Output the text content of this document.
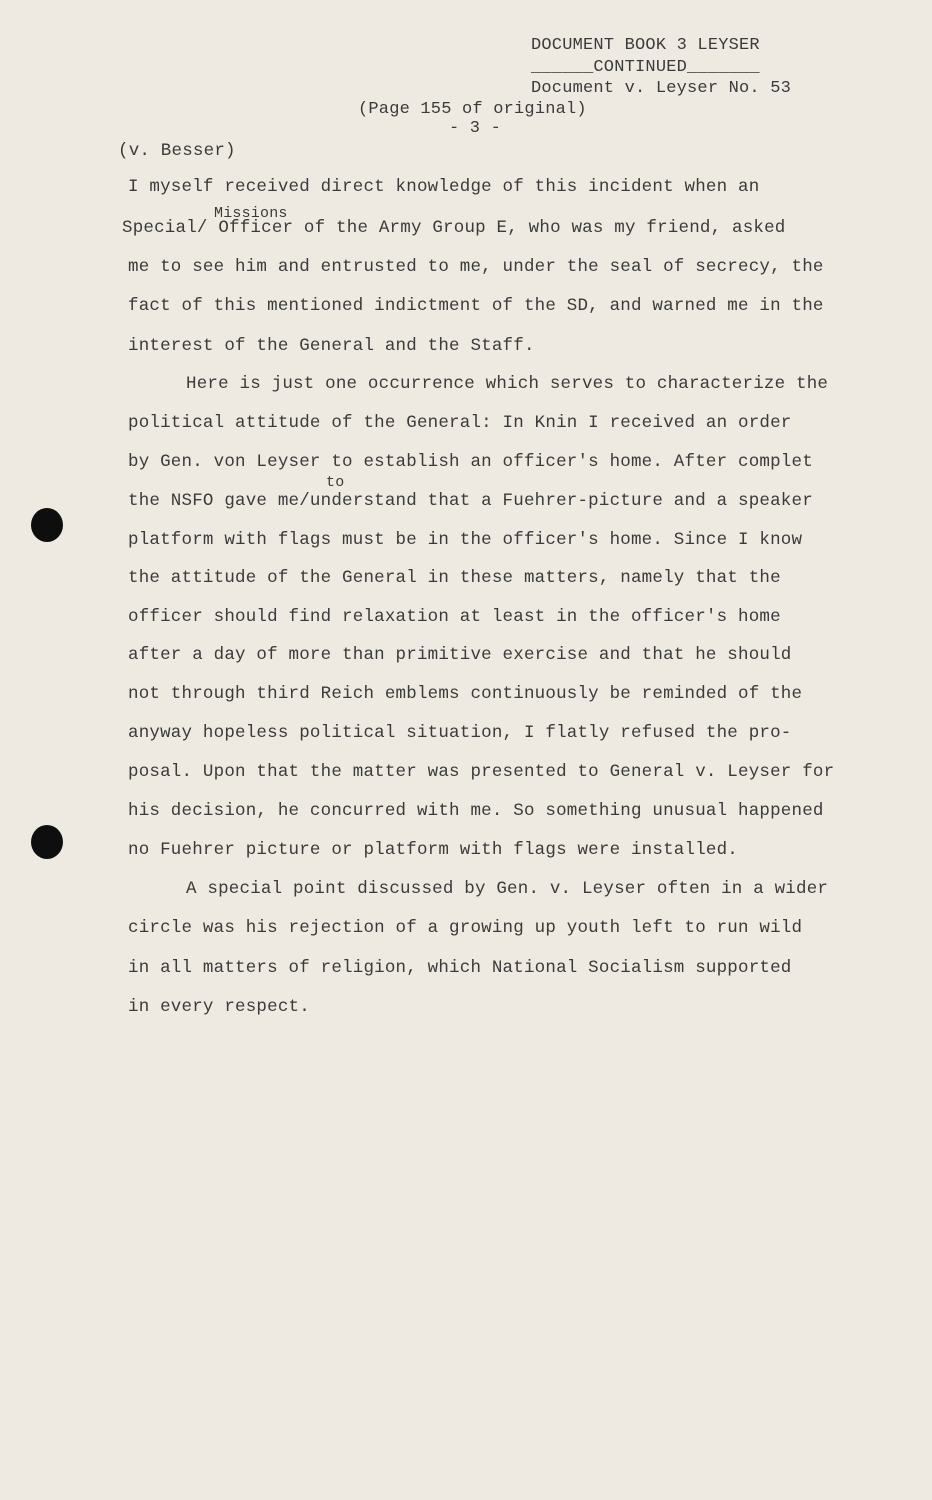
DOCUMENT BOOK 3 LEYSER
______CONTINUED_______
Document v. Leyser No. 53
(Page 155 of original)
- 3 -
(v. Besser)
Missions
to
I myself received direct knowledge of this incident when an
Special/ Officer of the Army Group E, who was my friend, asked
me to see him and entrusted to me, under the seal of secrecy, the
fact of this mentioned indictment of the SD, and warned me in the
interest of the General and the Staff.
Here is just one occurrence which serves to characterize the
political attitude of the General: In Knin I received an order
by Gen. von Leyser to establish an officer's home. After complet
the NSFO gave me/understand that a Fuehrer-picture and a speaker
platform with flags must be in the officer's home. Since I know
the attitude of the General in these matters, namely that the
officer should find relaxation at least in the officer's home
after a day of more than primitive exercise and that he should
not through third Reich emblems continuously be reminded of the
anyway hopeless political situation, I flatly refused the pro-
posal. Upon that the matter was presented to General v. Leyser for
his decision, he concurred with me. So something unusual happened
no Fuehrer picture or platform with flags were installed.
A special point discussed by Gen. v. Leyser often in a wider
circle was his rejection of a growing up youth left to run wild
in all matters of religion, which National Socialism supported
in every respect.
